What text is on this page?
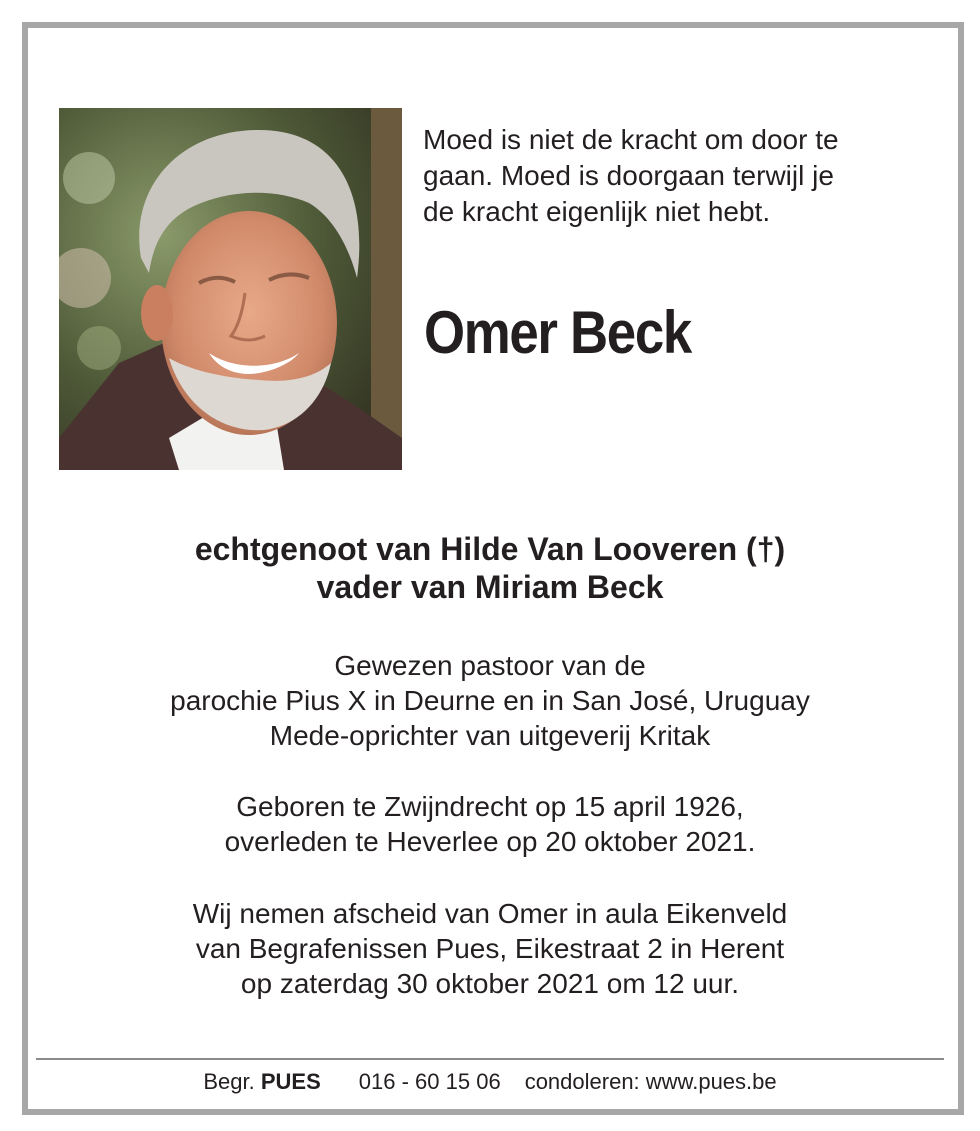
Moed is niet de kracht om door te
gaan. Moed is doorgaan terwijl je
de kracht eigenlijk niet hebt.
Omer Beck
echtgenoot van Hilde Van Looveren (†)
vader van Miriam Beck
Gewezen pastoor van de
parochie Pius X in Deurne en in San José, Uruguay
Mede-oprichter van uitgeverij Kritak
Geboren te Zwijndrecht op 15 april 1926,
overleden te Heverlee op 20 oktober 2021.
Wij nemen afscheid van Omer in aula Eikenveld
van Begrafenissen Pues, Eikestraat 2 in Herent
op zaterdag 30 oktober 2021 om 12 uur.
Begr. PUES 016 - 60 15 06 condoleren: www.pues.be
